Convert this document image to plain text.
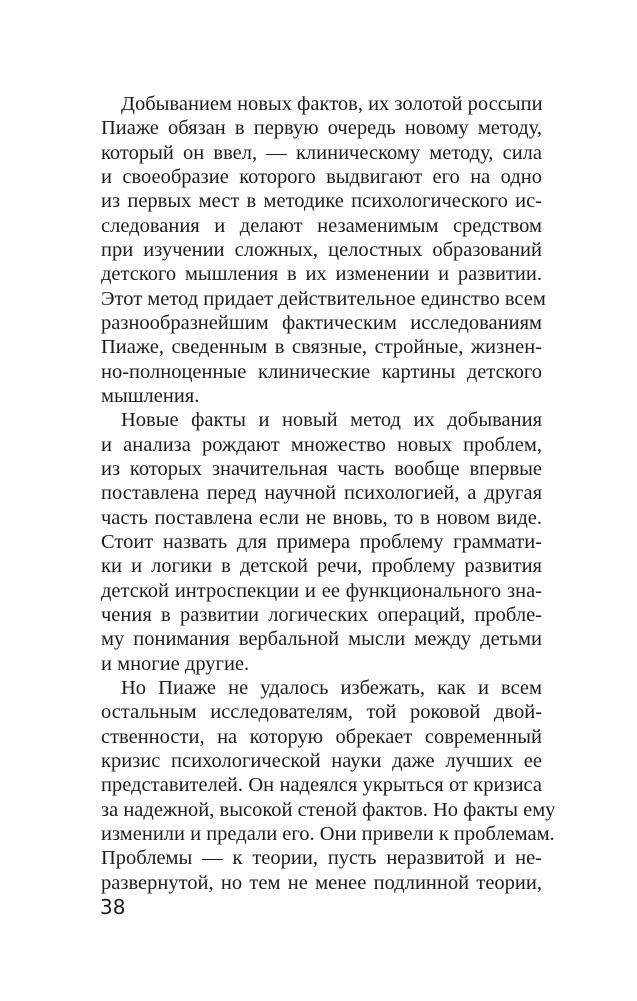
Добыванием новых фактов, их золотой россыпи
Пиаже обязан в первую очередь новому методу,
который он ввел, — клиническому методу, сила
и своеобразие которого выдвигают его на одно
из первых мест в методике психологического ис-
следования и делают незаменимым средством
при изучении сложных, целостных образований
детского мышления в их изменении и развитии.
Этот метод придает действительное единство всем
разнообразнейшим фактическим исследованиям
Пиаже, сведенным в связные, стройные, жизнен-
но-полноценные клинические картины детского
мышления.
Новые факты и новый метод их добывания
и анализа рождают множество новых проблем,
из которых значительная часть вообще впервые
поставлена перед научной психологией, а другая
часть поставлена если не вновь, то в новом виде.
Стоит назвать для примера проблему граммати-
ки и логики в детской речи, проблему развития
детской интроспекции и ее функционального зна-
чения в развитии логических операций, пробле-
му понимания вербальной мысли между детьми
и многие другие.
Но Пиаже не удалось избежать, как и всем
остальным исследователям, той роковой двой-
ственности, на которую обрекает современный
кризис психологической науки даже лучших ее
представителей. Он надеялся укрыться от кризиса
за надежной, высокой стеной фактов. Но факты ему
изменили и предали его. Они привели к проблемам.
Проблемы — к теории, пусть неразвитой и не-
развернутой, но тем не менее подлинной теории,
38
